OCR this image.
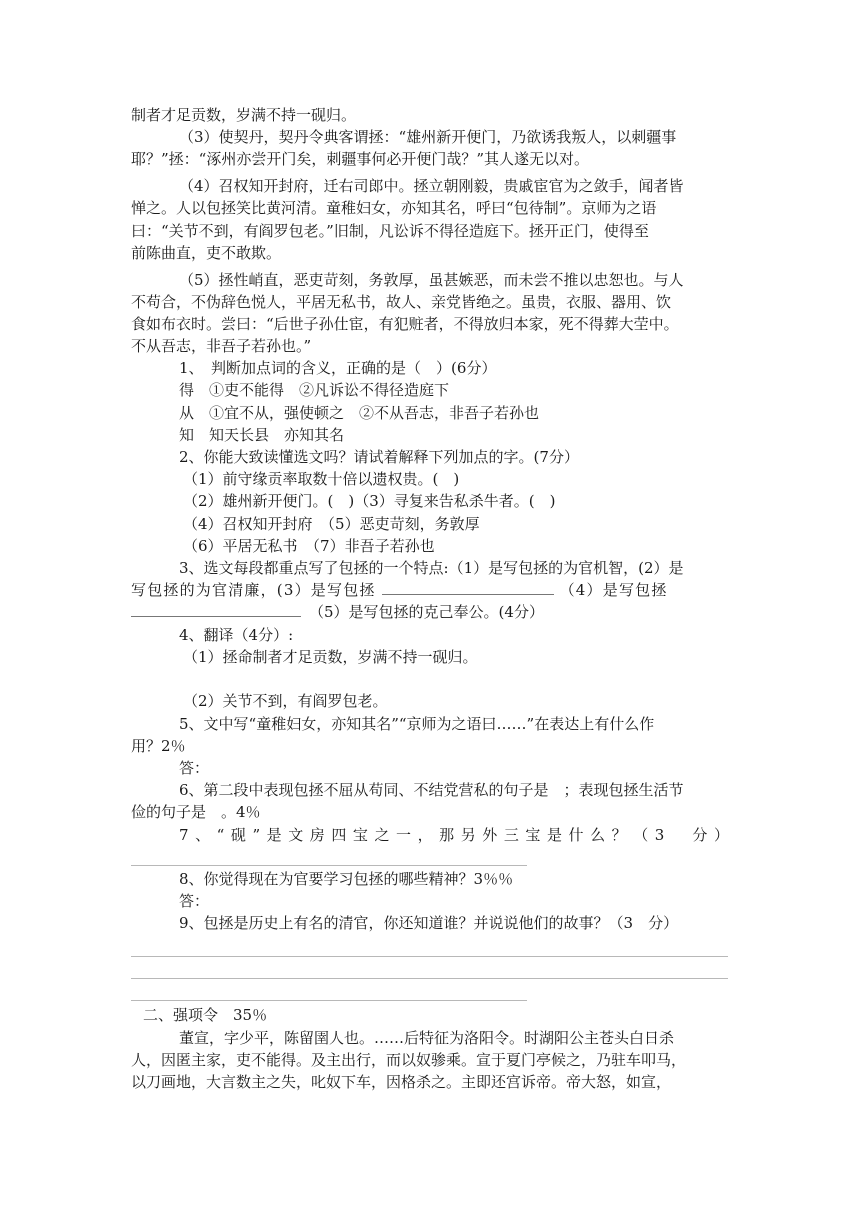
制者才足贡数，岁满不持一砚归。
（3）使契丹，契丹令典客谓拯：“雄州新开便门，乃欲诱我叛人，以刺疆事
耶？”拯：“涿州亦尝开门矣，刺疆事何必开便门哉？”其人遂无以对。
（4）召权知开封府，迁右司郎中。拯立朝刚毅，贵戚宦官为之敛手，闻者皆
惮之。人以包拯笑比黄河清。童稚妇女，亦知其名，呼曰“包待制”。京师为之语
曰：“关节不到，有阎罗包老。”旧制，凡讼诉不得径造庭下。拯开正门，使得至
前陈曲直，吏不敢欺。
（5）拯性峭直，恶吏苛刻，务敦厚，虽甚嫉恶，而未尝不推以忠恕也。与人
不苟合，不伪辞色悦人，平居无私书，故人、亲党皆绝之。虽贵，衣服、器用、饮
食如布衣时。尝曰：“后世子孙仕宦，有犯赃者，不得放归本家，死不得葬大茔中。
不从吾志，非吾子若孙也。”
1、　判断加点词的含义，正确的是（　）(6分）
得　①吏不能得　②凡诉讼不得径造庭下
从　①宜不从，强使顿之　②不从吾志，非吾子若孙也
知　知天长县　亦知其名
2、你能大致读懂选文吗？请试着解释下列加点的字。(7分）
（1）前守缘贡率取数十倍以遗权贵。(　)
（2）雄州新开便门。(　)（3）寻复来告私杀牛者。(　)
（4）召权知开封府　（5）恶吏苛刻，务敦厚
（6）平居无私书　（7）非吾子若孙也
3、选文每段都重点写了包拯的一个特点:（1）是写包拯的为官机智，(2）是
写包拯的为官清廉，(3）是写包拯	（4）是写包拯
（5）是写包拯的克己奉公。(4分）
4、翻译（4分）:
（1）拯命制者才足贡数，岁满不持一砚归。
（2）关节不到，有阎罗包老。
5、文中写“童稚妇女，亦知其名”“京师为之语曰……”在表达上有什么作
用？2％
答：
6、第二段中表现包拯不屈从苟同、不结党营私的句子是　；表现包拯生活节
俭的句子是　。4％
7、“砚”是文房四宝之一，那另外三宝是什么？（3　分）
8、你觉得现在为官要学习包拯的哪些精神？3％％
答：
9、包拯是历史上有名的清官，你还知道谁？并说说他们的故事？（3　分）
二、强项令　35％
董宣，字少平，陈留圉人也。……后特征为洛阳令。时湖阳公主苍头白日杀
人，因匿主家，吏不能得。及主出行，而以奴骖乘。宣于夏门亭候之，乃驻车叩马，
以刀画地，大言数主之失，叱奴下车，因格杀之。主即还宫诉帝。帝大怒，如宣，
